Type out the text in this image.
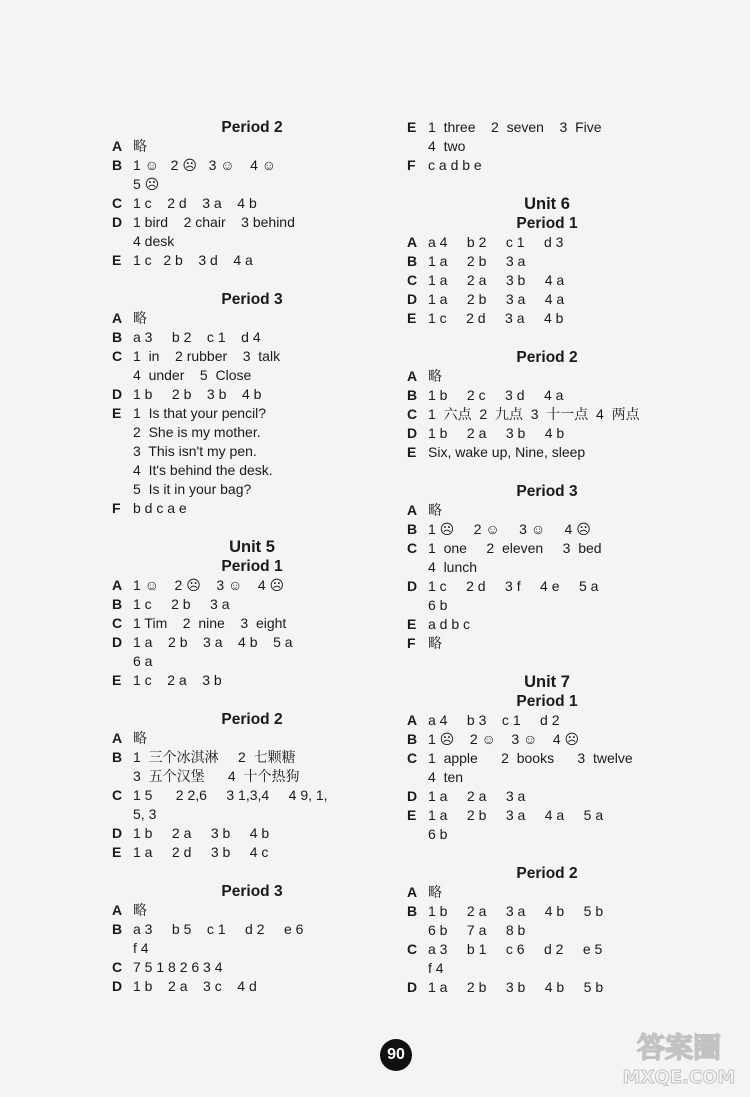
Period 2
A 略
B 1 ☺   2 ☹   3 ☺    4 ☺
5 ☹
C 1 c    2 d    3 a    4 b
D 1 bird    2 chair    3 behind
4 desk
E 1 c   2 b    3 d    4 a
Period 3
A 略
B a 3     b 2    c 1    d 4
C 1  in    2 rubber    3  talk
4  under    5  Close
D 1 b     2 b    3 b    4 b
E 1  Is that your pencil?
2  She is my mother.
3  This isn't my pen.
4  It's behind the desk.
5  Is it in your bag?
F b d c a e
Unit 5
Period 1
A 1 ☺    2 ☹    3 ☺    4 ☹
B 1 c     2 b     3 a
C 1 Tim    2  nine    3  eight
D 1 a    2 b    3 a    4 b    5 a
6 a
E 1 c    2 a    3 b
Period 2
A 略
B 1  三个冰淇淋     2  七颗糖
3  五个汉堡      4  十个热狗
C 1 5      2 2,6     3 1,3,4     4 9, 1,
5, 3
D 1 b     2 a     3 b     4 b
E 1 a     2 d     3 b     4 c
Period 3
A 略
B a 3     b 5    c 1     d 2     e 6
f 4
C 7 5 1 8 2 6 3 4
D 1 b    2 a    3 c    4 d
E 1  three    2  seven    3  Five
4  two
F c a d b e
Unit 6
Period 1
A a 4     b 2     c 1     d 3
B 1 a     2 b     3 a
C 1 a     2 a     3 b     4 a
D 1 a     2 b     3 a     4 a
E 1 c     2 d     3 a     4 b
Period 2
A 略
B 1 b     2 c     3 d     4 a
C 1  六点  2  九点  3  十一点  4  两点
D 1 b     2 a     3 b     4 b
E Six, wake up, Nine, sleep
Period 3
A 略
B 1 ☹     2 ☺     3 ☺     4 ☹
C 1  one     2  eleven     3  bed
4  lunch
D 1 c     2 d     3 f     4 e     5 a
6 b
E a d b c
F 略
Unit 7
Period 1
A a 4     b 3    c 1     d 2
B 1 ☹    2 ☺    3 ☺    4 ☹
C 1  apple      2  books      3  twelve
4  ten
D 1 a     2 a     3 a
E 1 a     2 b     3 a     4 a     5 a
6 b
Period 2
A 略
B 1 b     2 a     3 a     4 b     5 b
6 b     7 a     8 b
C a 3     b 1     c 6     d 2     e 5
f 4
D 1 a     2 b     3 b     4 b     5 b
90	答案圈
MXQE.COM
